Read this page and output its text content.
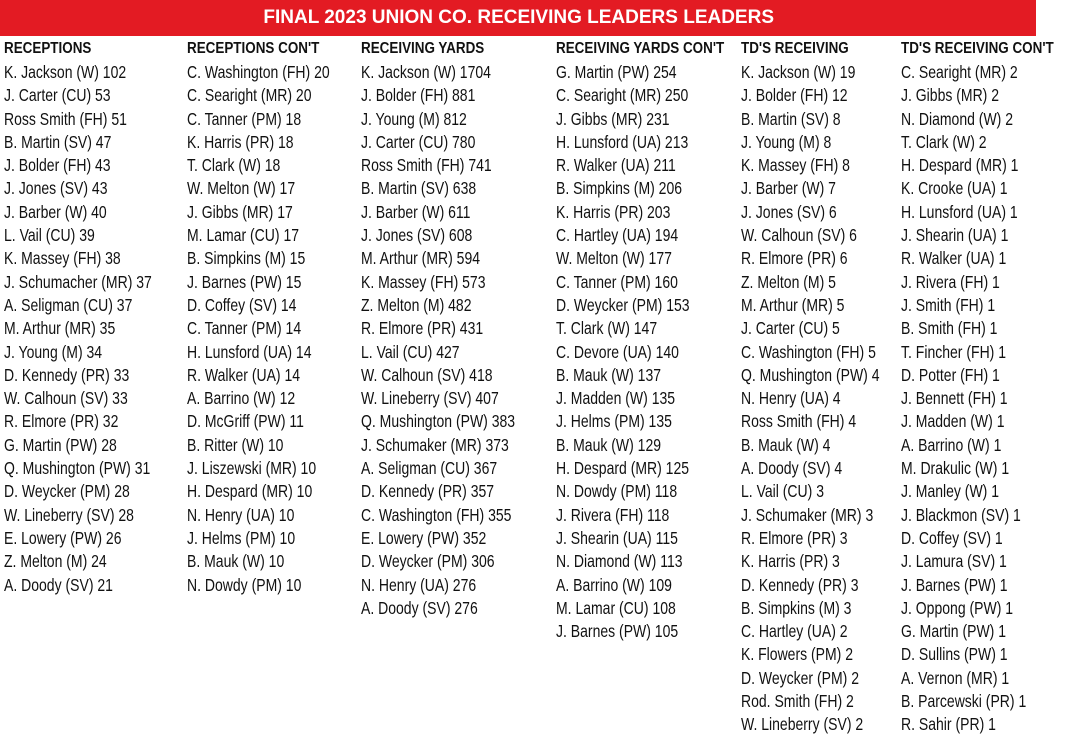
FINAL 2023 UNION CO. RECEIVING LEADERS LEADERS
RECEPTIONS
K. Jackson (W) 102
J. Carter (CU) 53
Ross Smith (FH) 51
B. Martin (SV) 47
J. Bolder (FH) 43
J. Jones (SV) 43
J. Barber (W) 40
L. Vail (CU) 39
K. Massey (FH) 38
J. Schumacher (MR) 37
A. Seligman (CU) 37
M. Arthur (MR) 35
J. Young (M) 34
D. Kennedy (PR) 33
W. Calhoun (SV) 33
R. Elmore (PR) 32
G. Martin (PW) 28
Q. Mushington (PW) 31
D. Weycker (PM) 28
W. Lineberry (SV) 28
E. Lowery (PW) 26
Z. Melton (M) 24
A. Doody (SV) 21
RECEPTIONS CON'T
C. Washington (FH) 20
C. Searight (MR) 20
C. Tanner (PM) 18
K. Harris (PR) 18
T. Clark (W) 18
W. Melton (W) 17
J. Gibbs (MR) 17
M. Lamar (CU) 17
B. Simpkins (M) 15
J. Barnes (PW) 15
D. Coffey (SV) 14
C. Tanner (PM) 14
H. Lunsford (UA) 14
R. Walker (UA) 14
A. Barrino (W) 12
D. McGriff (PW) 11
B. Ritter (W) 10
J. Liszewski (MR) 10
H. Despard (MR) 10
N. Henry (UA) 10
J. Helms (PM) 10
B. Mauk (W) 10
N. Dowdy (PM) 10
RECEIVING YARDS
K. Jackson (W) 1704
J. Bolder (FH) 881
J. Young (M) 812
J. Carter (CU) 780
Ross Smith (FH) 741
B. Martin (SV) 638
J. Barber (W) 611
J. Jones (SV) 608
M. Arthur (MR) 594
K. Massey (FH) 573
Z. Melton (M) 482
R. Elmore (PR) 431
L. Vail (CU) 427
W. Calhoun (SV) 418
W. Lineberry (SV) 407
Q. Mushington (PW) 383
J. Schumaker (MR) 373
A. Seligman (CU) 367
D. Kennedy (PR) 357
C. Washington (FH) 355
E. Lowery (PW) 352
D. Weycker (PM) 306
N. Henry (UA) 276
A. Doody (SV) 276
RECEIVING YARDS CON'T
G. Martin (PW) 254
C. Searight (MR) 250
J. Gibbs (MR) 231
H. Lunsford (UA) 213
R. Walker (UA) 211
B. Simpkins (M) 206
K. Harris (PR) 203
C. Hartley (UA) 194
W. Melton (W) 177
C. Tanner (PM) 160
D. Weycker (PM) 153
T. Clark (W) 147
C. Devore (UA) 140
B. Mauk (W) 137
J. Madden (W) 135
J. Helms (PM) 135
B. Mauk (W) 129
H. Despard (MR) 125
N. Dowdy (PM) 118
J. Rivera (FH) 118
J. Shearin (UA) 115
N. Diamond (W) 113
A. Barrino (W) 109
M. Lamar (CU) 108
J. Barnes (PW) 105
TD'S RECEIVING
K. Jackson (W) 19
J. Bolder (FH) 12
B. Martin (SV) 8
J. Young (M) 8
K. Massey (FH) 8
J. Barber (W) 7
J. Jones (SV) 6
W. Calhoun (SV) 6
R. Elmore (PR) 6
Z. Melton (M) 5
M. Arthur (MR) 5
J. Carter (CU) 5
C. Washington (FH) 5
Q. Mushington (PW) 4
N. Henry (UA) 4
Ross Smith (FH) 4
B. Mauk (W) 4
A. Doody (SV) 4
L. Vail (CU) 3
J. Schumaker (MR) 3
R. Elmore (PR) 3
K. Harris (PR) 3
D. Kennedy (PR) 3
B. Simpkins (M) 3
C. Hartley (UA) 2
K. Flowers (PM) 2
D. Weycker (PM) 2
Rod. Smith (FH) 2
W. Lineberry (SV) 2
TD'S RECEIVING CON'T
C. Searight (MR) 2
J. Gibbs (MR) 2
N. Diamond (W) 2
T. Clark (W) 2
H. Despard (MR) 1
K. Crooke (UA) 1
H. Lunsford (UA) 1
J. Shearin (UA) 1
R. Walker (UA) 1
J. Rivera (FH) 1
J. Smith (FH) 1
B. Smith (FH) 1
T. Fincher (FH) 1
D. Potter (FH) 1
J. Bennett (FH) 1
J. Madden (W) 1
A. Barrino (W) 1
M. Drakulic (W) 1
J. Manley (W) 1
J. Blackmon (SV) 1
D. Coffey (SV) 1
J. Lamura (SV) 1
J. Barnes (PW) 1
J. Oppong (PW) 1
G. Martin (PW) 1
D. Sullins (PW) 1
A. Vernon (MR) 1
B. Parcewski (PR) 1
R. Sahir (PR) 1
